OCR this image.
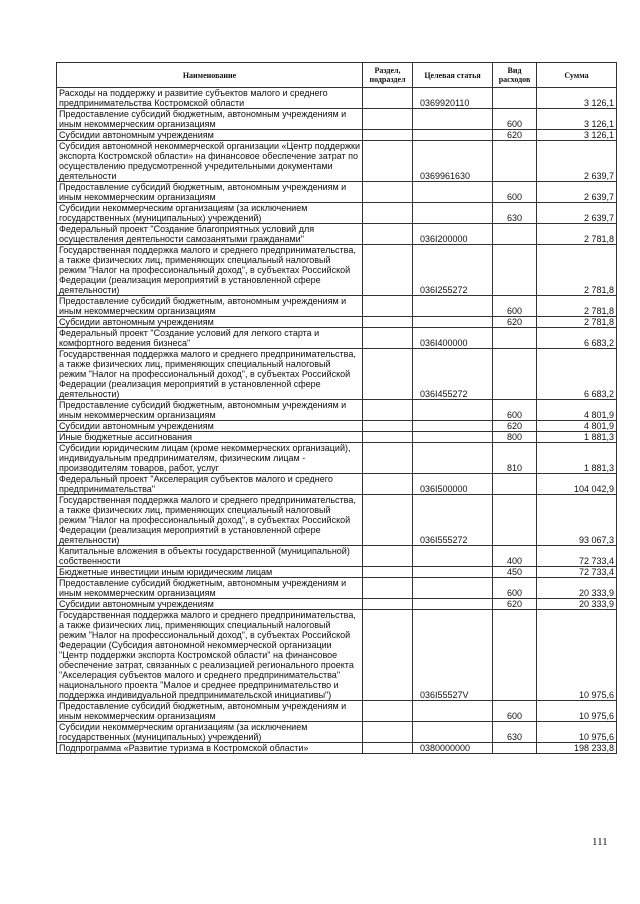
Наименование	Раздел, подраздел	Целевая статья	Вид расходов	Сумма
Расходы на поддержку и развитие субъектов малого и среднего предпринимательства Костромской области		0369920110		3 126,1
Предоставление субсидий бюджетным, автономным учреждениям и иным некоммерческим организациям			600	3 126,1
Субсидии автономным учреждениям			620	3 126,1
Субсидия автономной некоммерческой организации «Центр поддержки экспорта Костромской области» на финансовое обеспечение затрат по осуществлению предусмотренной учредительными документами деятельности		0369961630		2 639,7
Предоставление субсидий бюджетным, автономным учреждениям и иным некоммерческим организациям			600	2 639,7
Субсидии некоммерческим организациям (за исключением государственных (муниципальных) учреждений)			630	2 639,7
Федеральный проект "Создание благоприятных условий для осуществления деятельности самозанятыми гражданами"		036I200000		2 781,8
Государственная поддержка малого и среднего предпринимательства, а также физических лиц, применяющих специальный налоговый режим "Налог на профессиональный доход", в субъектах Российской Федерации (реализация мероприятий в установленной сфере деятельности)		036I255272		2 781,8
Предоставление субсидий бюджетным, автономным учреждениям и иным некоммерческим организациям			600	2 781,8
Субсидии автономным учреждениям			620	2 781,8
Федеральный проект "Создание условий для легкого старта и комфортного ведения бизнеса"		036I400000		6 683,2
Государственная поддержка малого и среднего предпринимательства, а также физических лиц, применяющих специальный налоговый режим "Налог на профессиональный доход", в субъектах Российской Федерации (реализация мероприятий в установленной сфере деятельности)		036I455272		6 683,2
Предоставление субсидий бюджетным, автономным учреждениям и иным некоммерческим организациям			600	4 801,9
Субсидии автономным учреждениям			620	4 801,9
Иные бюджетные ассигнования			800	1 881,3
Субсидии юридическим лицам (кроме некоммерческих организаций), индивидуальным предпринимателям, физическим лицам - производителям товаров, работ, услуг			810	1 881,3
Федеральный проект "Акселерация субъектов малого и среднего предпринимательства"		036I500000		104 042,9
Государственная поддержка малого и среднего предпринимательства, а также физических лиц, применяющих специальный налоговый режим "Налог на профессиональный доход", в субъектах Российской Федерации (реализация мероприятий в установленной сфере деятельности)		036I555272		93 067,3
Капитальные вложения в объекты государственной (муниципальной) собственности			400	72 733,4
Бюджетные инвестиции иным юридическим лицам			450	72 733,4
Предоставление субсидий бюджетным, автономным учреждениям и иным некоммерческим организациям			600	20 333,9
Субсидии автономным учреждениям			620	20 333,9
Государственная поддержка малого и среднего предпринимательства, а также физических лиц, применяющих специальный налоговый режим "Налог на профессиональный доход", в субъектах Российской Федерации (Субсидия автономной некоммерческой организации "Центр поддержки экспорта Костромской области" на финансовое обеспечение затрат, связанных с реализацией регионального проекта "Акселерация субъектов малого и среднего предпринимательства" национального проекта "Малое и среднее предпринимательство и поддержка индивидуальной предпринимательской инициативы")		036I55527V		10 975,6
Предоставление субсидий бюджетным, автономным учреждениям и иным некоммерческим организациям			600	10 975,6
Субсидии некоммерческим организациям (за исключением государственных (муниципальных) учреждений)			630	10 975,6
Подпрограмма «Развитие туризма в Костромской области»		0380000000		198 233,8
111
